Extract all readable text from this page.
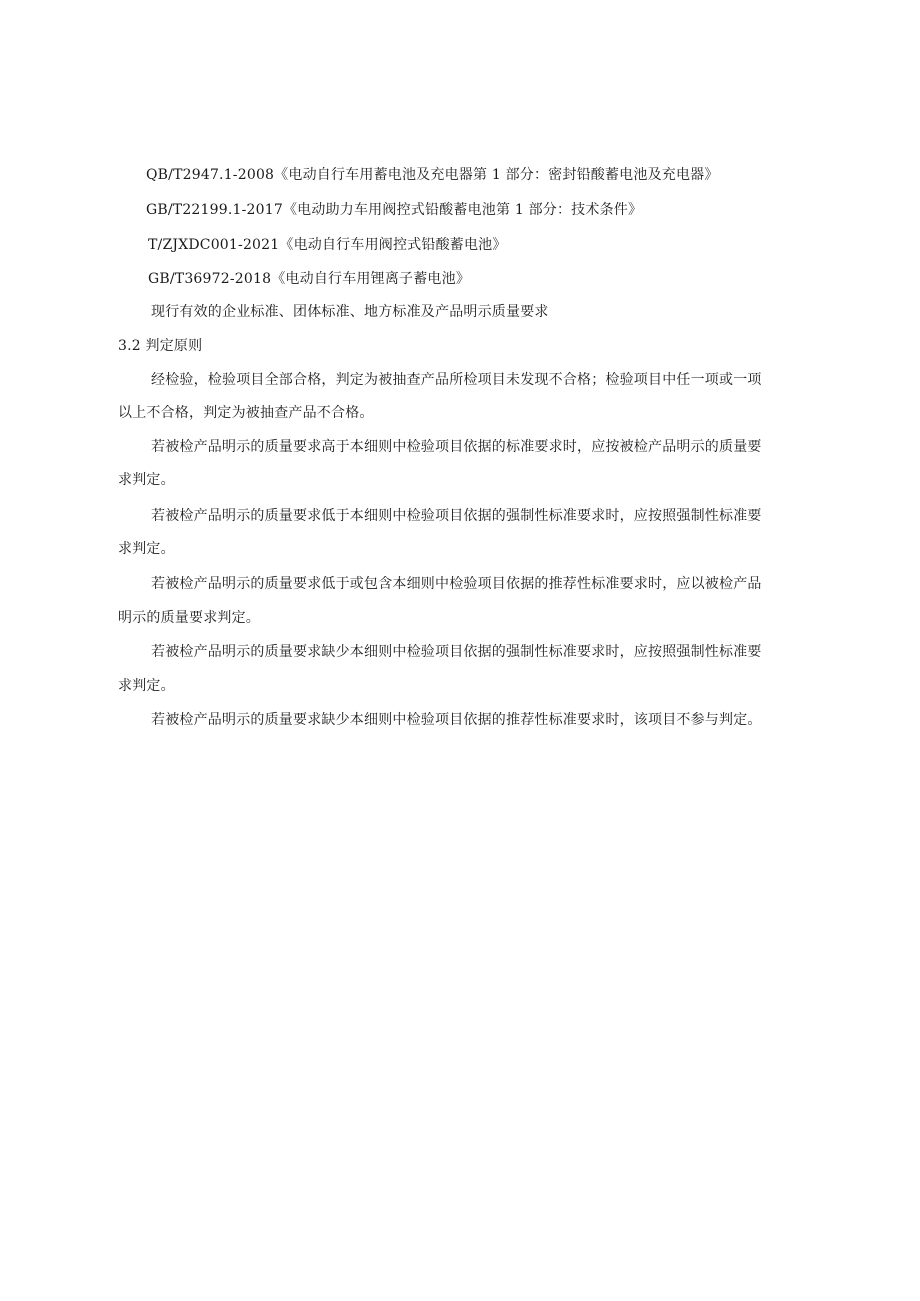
QB/T2947.1-2008《电动自行车用蓄电池及充电器第 1 部分：密封铅酸蓄电池及充电器》
GB/T22199.1-2017《电动助力车用阀控式铅酸蓄电池第 1 部分：技术条件》
T/ZJXDC001-2021《电动自行车用阀控式铅酸蓄电池》
GB/T36972-2018《电动自行车用锂离子蓄电池》
现行有效的企业标准、团体标准、地方标准及产品明示质量要求
3.2 判定原则
经检验，检验项目全部合格，判定为被抽查产品所检项目未发现不合格；检验项目中任一项或一项
以上不合格，判定为被抽查产品不合格。
若被检产品明示的质量要求高于本细则中检验项目依据的标准要求时，应按被检产品明示的质量要
求判定。
若被检产品明示的质量要求低于本细则中检验项目依据的强制性标准要求时，应按照强制性标准要
求判定。
若被检产品明示的质量要求低于或包含本细则中检验项目依据的推荐性标准要求时，应以被检产品
明示的质量要求判定。
若被检产品明示的质量要求缺少本细则中检验项目依据的强制性标准要求时，应按照强制性标准要
求判定。
若被检产品明示的质量要求缺少本细则中检验项目依据的推荐性标准要求时，该项目不参与判定。
